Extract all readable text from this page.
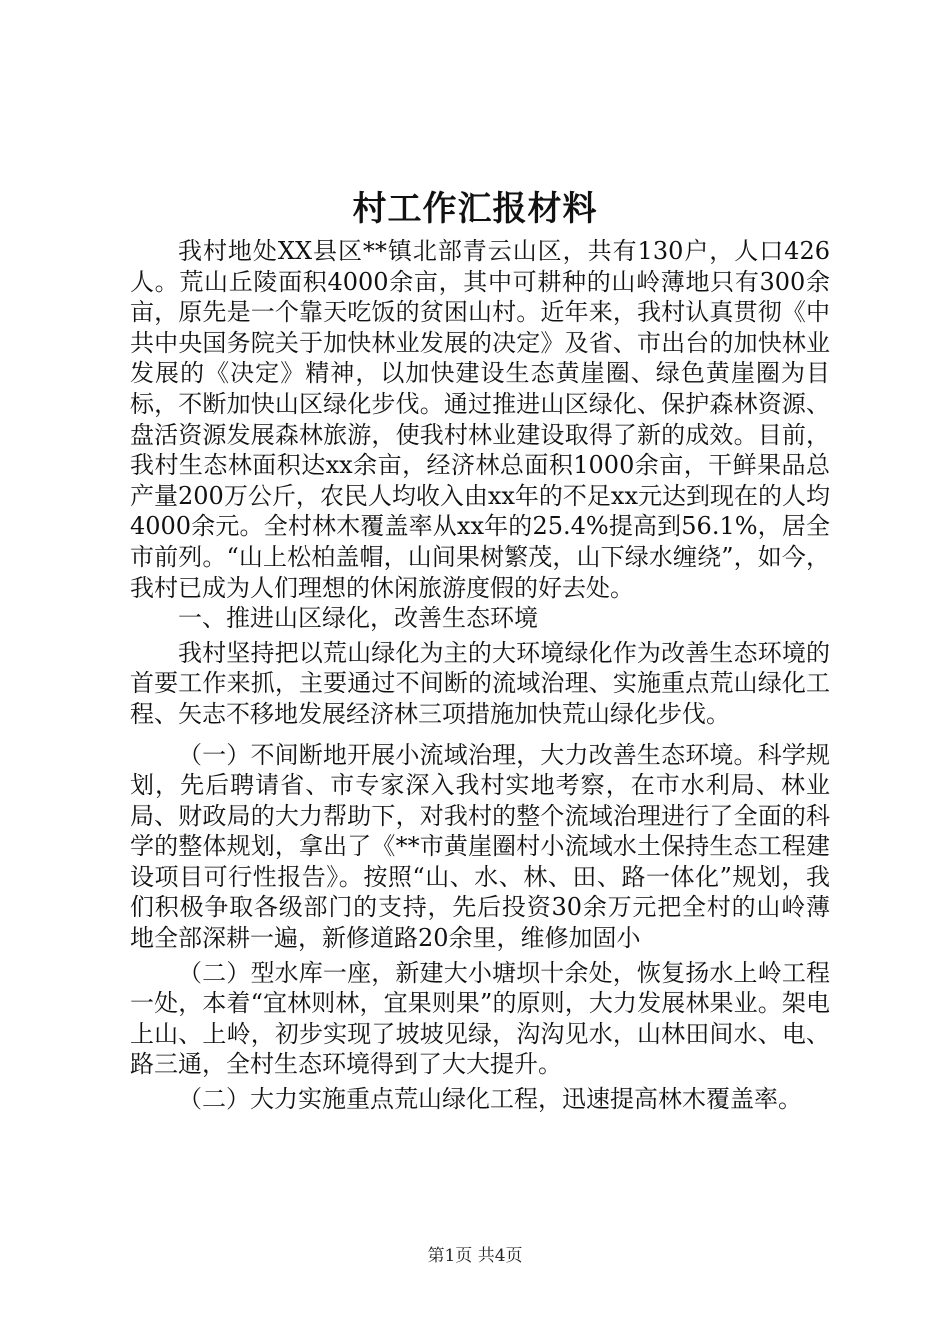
村工作汇报材料

我村地处XX县区**镇北部青云山区，共有130户，人口426人。荒山丘陵面积4000余亩，其中可耕种的山岭薄地只有300余亩，原先是一个靠天吃饭的贫困山村。近年来，我村认真贯彻《中共中央国务院关于加快林业发展的决定》及省、市出台的加快林业发展的《决定》精神，以加快建设生态黄崖圈、绿色黄崖圈为目标，不断加快山区绿化步伐。通过推进山区绿化、保护森林资源、盘活资源发展森林旅游，使我村林业建设取得了新的成效。目前，我村生态林面积达xx余亩，经济林总面积1000余亩，干鲜果品总产量200万公斤，农民人均收入由xx年的不足xx元达到现在的人均4000余元。全村林木覆盖率从xx年的25.4%提高到56.1%，居全市前列。“山上松柏盖帽，山间果树繁茂，山下绿水缠绕”，如今，我村已成为人们理想的休闲旅游度假的好去处。

一、推进山区绿化，改善生态环境

我村坚持把以荒山绿化为主的大环境绿化作为改善生态环境的首要工作来抓，主要通过不间断的流域治理、实施重点荒山绿化工程、矢志不移地发展经济林三项措施加快荒山绿化步伐。

（一）不间断地开展小流域治理，大力改善生态环境。科学规划，先后聘请省、市专家深入我村实地考察，在市水利局、林业局、财政局的大力帮助下，对我村的整个流域治理进行了全面的科学的整体规划，拿出了《**市黄崖圈村小流域水土保持生态工程建设项目可行性报告》。按照“山、水、林、田、路一体化”规划，我们积极争取各级部门的支持，先后投资30余万元把全村的山岭薄地全部深耕一遍，新修道路20余里，维修加固小

（二）型水库一座，新建大小塘坝十余处，恢复扬水上岭工程一处，本着“宜林则林，宜果则果”的原则，大力发展林果业。架电上山、上岭，初步实现了坡坡见绿，沟沟见水，山林田间水、电、路三通，全村生态环境得到了大大提升。

（二）大力实施重点荒山绿化工程，迅速提高林木覆盖率。

第1页 共4页
